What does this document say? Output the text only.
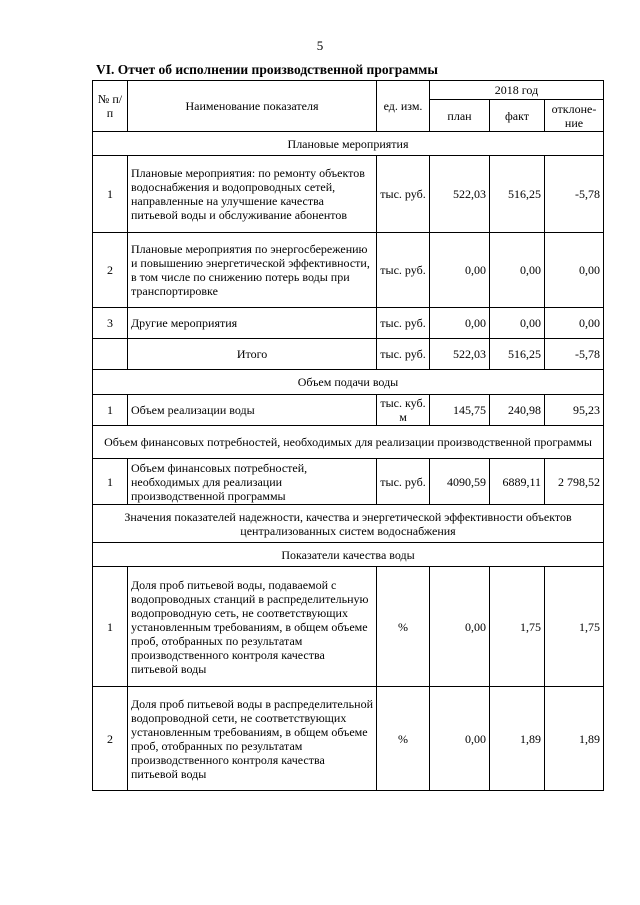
5
VI. Отчет об исполнении производственной программы
№ п/п	Наименование показателя	ед. изм.	2018 год		
			план	факт	отклоне-ние
Плановые мероприятия					
1	Плановые мероприятия: по ремонту объектов водоснабжения и водопроводных сетей, направленные на улучшение качества питьевой воды и обслуживание абонентов	тыс. руб.	522,03	516,25	-5,78
2	Плановые мероприятия по энергосбережению и повышению энергетической эффективности, в том числе по снижению потерь воды при транспортировке	тыс. руб.	0,00	0,00	0,00
3	Другие мероприятия	тыс. руб.	0,00	0,00	0,00
	Итого	тыс. руб.	522,03	516,25	-5,78
Объем подачи воды					
1	Объем реализации воды	тыс. куб. м	145,75	240,98	95,23
Объем финансовых потребностей, необходимых для реализации производственной программы					
1	Объем финансовых потребностей, необходимых для реализации производственной программы	тыс. руб.	4090,59	6889,11	2 798,52
Значения показателей надежности, качества и энергетической эффективности объектов централизованных систем водоснабжения					
Показатели качества воды					
1	Доля проб питьевой воды, подаваемой с водопроводных станций в распределительную водопроводную сеть, не соответствующих установленным требованиям, в общем объеме проб, отобранных по результатам производственного контроля качества питьевой воды	%	0,00	1,75	1,75
2	Доля проб питьевой воды в распределительной водопроводной сети, не соответствующих установленным требованиям, в общем объеме проб, отобранных по результатам производственного контроля качества питьевой воды	%	0,00	1,89	1,89
